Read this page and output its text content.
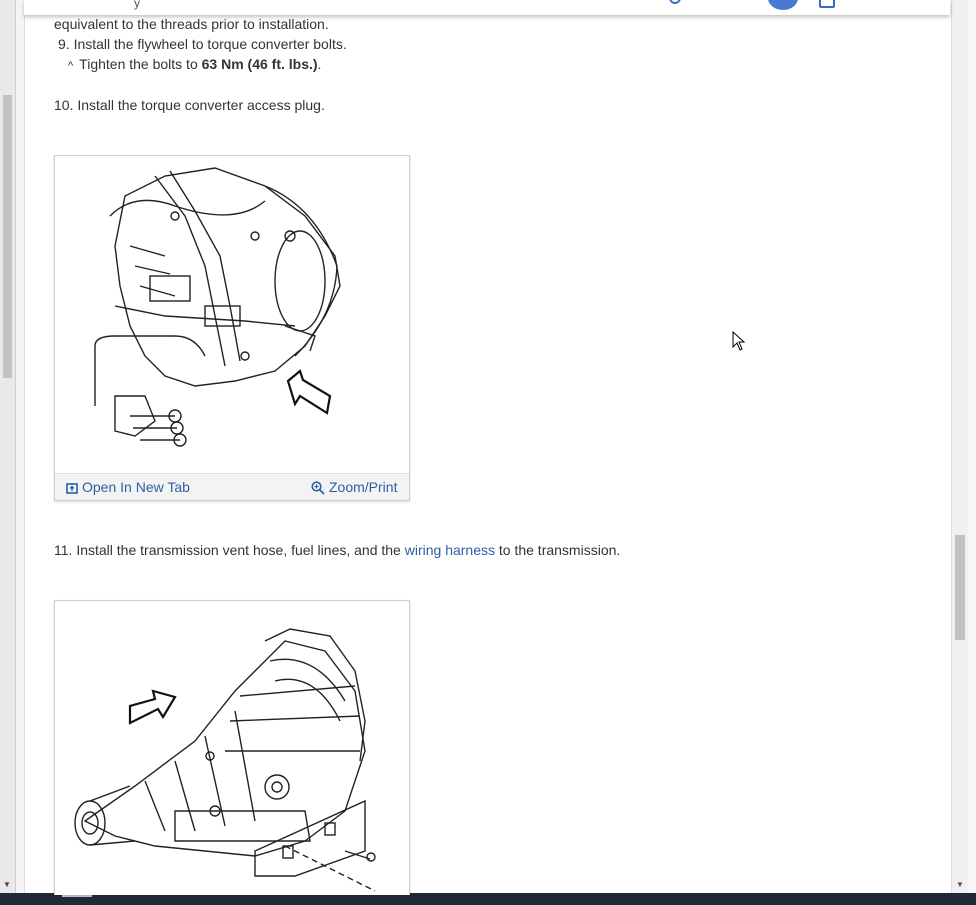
▼	▼
y
equivalent to the threads prior to installation.
9. Install the flywheel to torque converter bolts.
^ Tighten the bolts to 63 Nm (46 ft. lbs.).
10. Install the torque converter access plug.
Open In New Tab	Zoom/Print
11. Install the transmission vent hose, fuel lines, and the wiring harness to the transmission.
